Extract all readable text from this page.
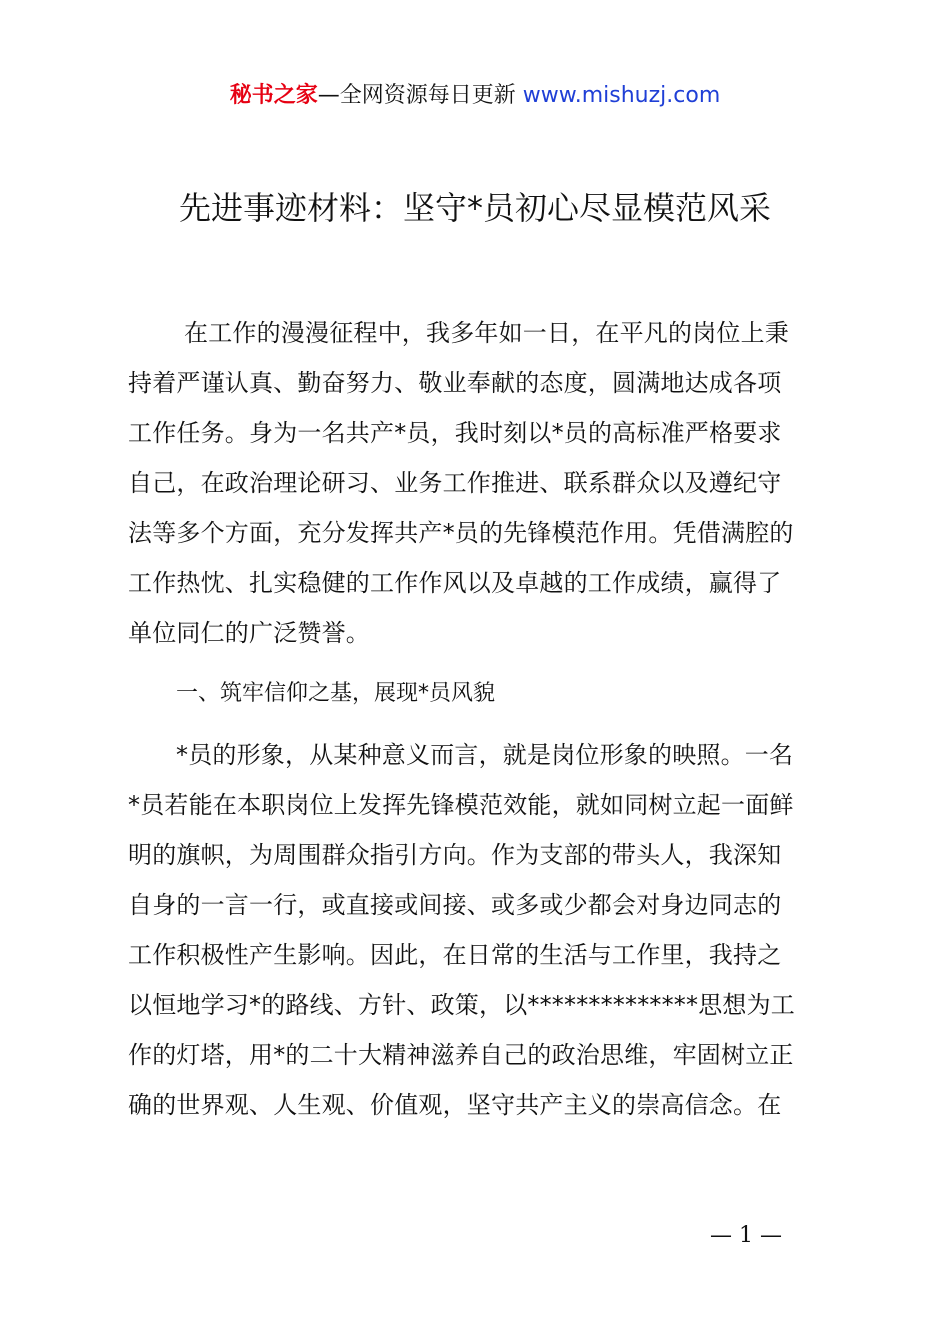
秘书之家—全网资源每日更新 www.mishuzj.com
先进事迹材料：坚守*员初心尽显模范风采
在工作的漫漫征程中，我多年如一日，在平凡的岗位上秉
持着严谨认真、勤奋努力、敬业奉献的态度，圆满地达成各项
工作任务。身为一名共产*员，我时刻以*员的高标准严格要求
自己，在政治理论研习、业务工作推进、联系群众以及遵纪守
法等多个方面，充分发挥共产*员的先锋模范作用。凭借满腔的
工作热忱、扎实稳健的工作作风以及卓越的工作成绩，赢得了
单位同仁的广泛赞誉。
一、筑牢信仰之基，展现*员风貌
*员的形象，从某种意义而言，就是岗位形象的映照。一名
*员若能在本职岗位上发挥先锋模范效能，就如同树立起一面鲜
明的旗帜，为周围群众指引方向。作为支部的带头人，我深知
自身的一言一行，或直接或间接、或多或少都会对身边同志的
工作积极性产生影响。因此，在日常的生活与工作里，我持之
以恒地学习*的路线、方针、政策，以**************思想为工
作的灯塔，用*的二十大精神滋养自己的政治思维，牢固树立正
确的世界观、人生观、价值观，坚守共产主义的崇高信念。在
— 1 —
